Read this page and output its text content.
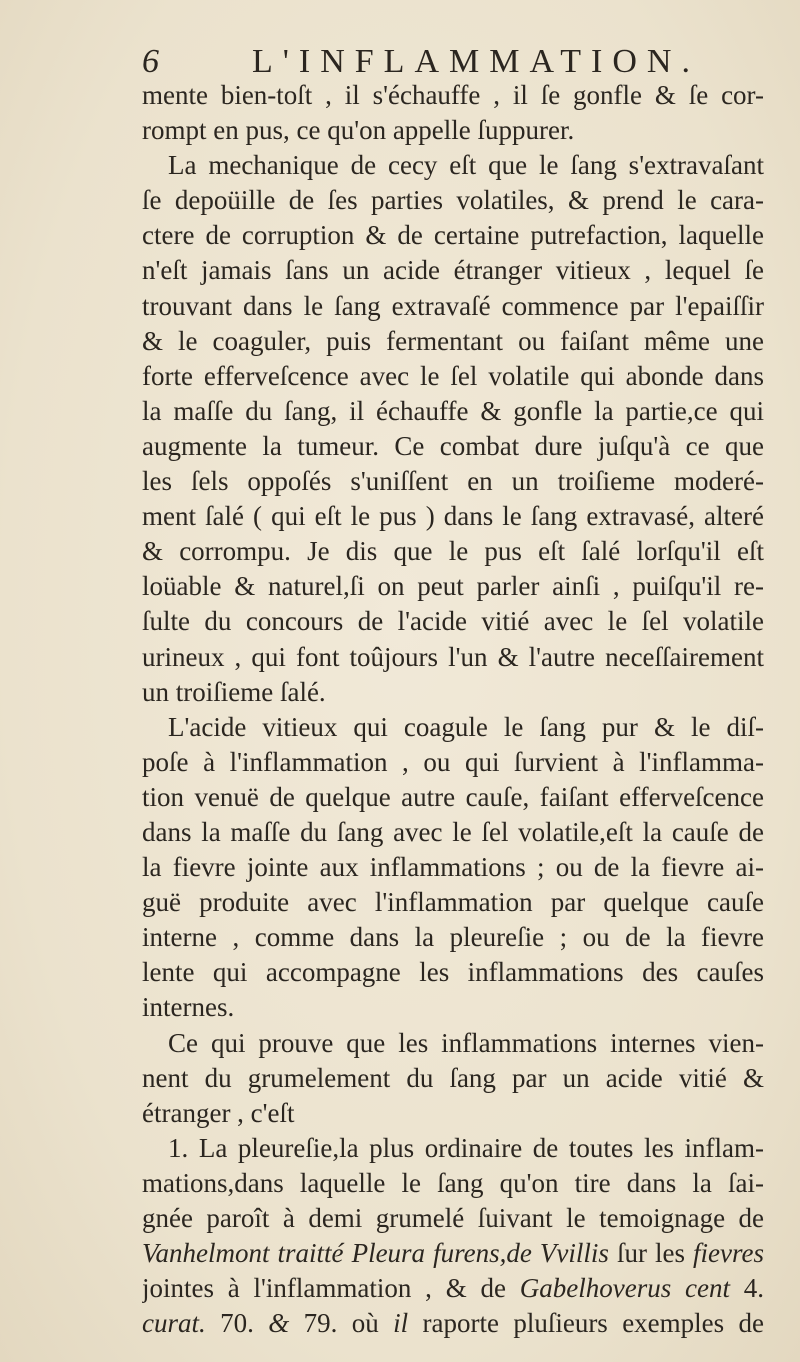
6	L'INFLAMMATION.
mente bien-toſt , il s'échauffe , il ſe gonfle & ſe cor-
rompt en pus, ce qu'on appelle ſuppurer.
La mechanique de cecy eſt que le ſang s'extravaſant
ſe depoüille de ſes parties volatiles, & prend le cara-
ctere de corruption & de certaine putrefaction, laquelle
n'eſt jamais ſans un acide étranger vitieux , lequel ſe
trouvant dans le ſang extravaſé commence par l'epaiſſir
& le coaguler, puis fermentant ou faiſant même une
forte effervеſcence avec le ſel volatile qui abonde dans
la maſſe du ſang, il échauffe & gonfle la partie,ce qui
augmente la tumeur. Ce combat dure juſqu'à ce que
les ſels oppoſés s'uniſſent en un troiſieme moderé-
ment ſalé ( qui eſt le pus ) dans le ſang extravasé, alteré
& corrompu. Je dis que le pus eſt ſalé lorſqu'il eſt
loüable & naturel,ſi on peut parler ainſi , puiſqu'il re-
ſulte du concours de l'acide vitié avec le ſel volatile
urineux , qui font toûjours l'un & l'autre neceſſairement
un troiſieme ſalé.
L'acide vitieux qui coagule le ſang pur & le diſ-
poſe à l'inflammation , ou qui ſurvient à l'inflamma-
tion venuë de quelque autre cauſe, faiſant effervеſcence
dans la maſſe du ſang avec le ſel volatile,eſt la cauſe de
la fievre jointe aux inflammations ; ou de la fievre ai-
guë produite avec l'inflammation par quelque cauſe
interne , comme dans la pleureſie ; ou de la fievre
lente qui accompagne les inflammations des cauſes
internes.
Ce qui prouve que les inflammations internes vien-
nent du grumelement du ſang par un acide vitié &
étranger , c'eſt
1. La pleureſie,la plus ordinaire de toutes les inflam-
mations,dans laquelle le ſang qu'on tire dans la ſai-
gnée paroît à demi grumelé ſuivant le temoignage de
Vanhelmont traitté Pleura furens,de Vvillis ſur les fievres
jointes à l'inflammation , & de Gabelhoverus cent 4.
curat. 70. & 79. où il raporte pluſieurs exemples de
